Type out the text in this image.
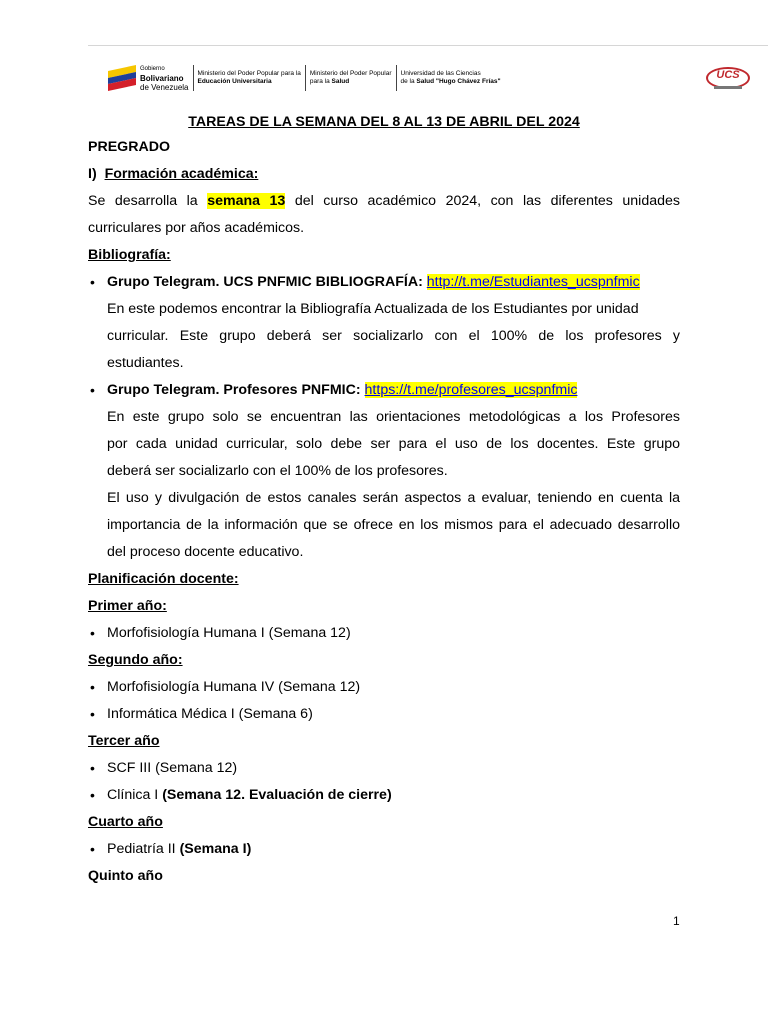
Gobierno
Bolivariano
de Venezuela
Ministerio del Poder Popular para la
Educación Universitaria
Ministerio del Poder Popular
para la Salud
Universidad de las Ciencias
de la Salud "Hugo Chávez Frías"
UCS
TAREAS DE LA SEMANA DEL 8 AL 13 DE ABRIL DEL 2024
PREGRADO
I) Formación académica:
Se desarrolla la semana 13 del curso académico 2024, con las diferentes unidades
curriculares por años académicos.
Bibliografía:
• Grupo Telegram. UCS PNFMIC BIBLIOGRAFÍA: http://t.me/Estudiantes_ucspnfmic
En este podemos encontrar la Bibliografía Actualizada de los Estudiantes por unidad
curricular. Este grupo deberá ser socializarlo con el 100% de los profesores y
estudiantes.
• Grupo Telegram. Profesores PNFMIC: https://t.me/profesores_ucspnfmic
En este grupo solo se encuentran las orientaciones metodológicas a los Profesores
por cada unidad curricular, solo debe ser para el uso de los docentes. Este grupo
deberá ser socializarlo con el 100% de los profesores.
El uso y divulgación de estos canales serán aspectos a evaluar, teniendo en cuenta la
importancia de la información que se ofrece en los mismos para el adecuado desarrollo
del proceso docente educativo.
Planificación docente:
Primer año:
• Morfofisiología Humana I (Semana 12)
Segundo año:
• Morfofisiología Humana IV (Semana 12)
• Informática Médica I (Semana 6)
Tercer año
• SCF III (Semana 12)
• Clínica I (Semana 12. Evaluación de cierre)
Cuarto año
• Pediatría II (Semana I)
Quinto año
1
